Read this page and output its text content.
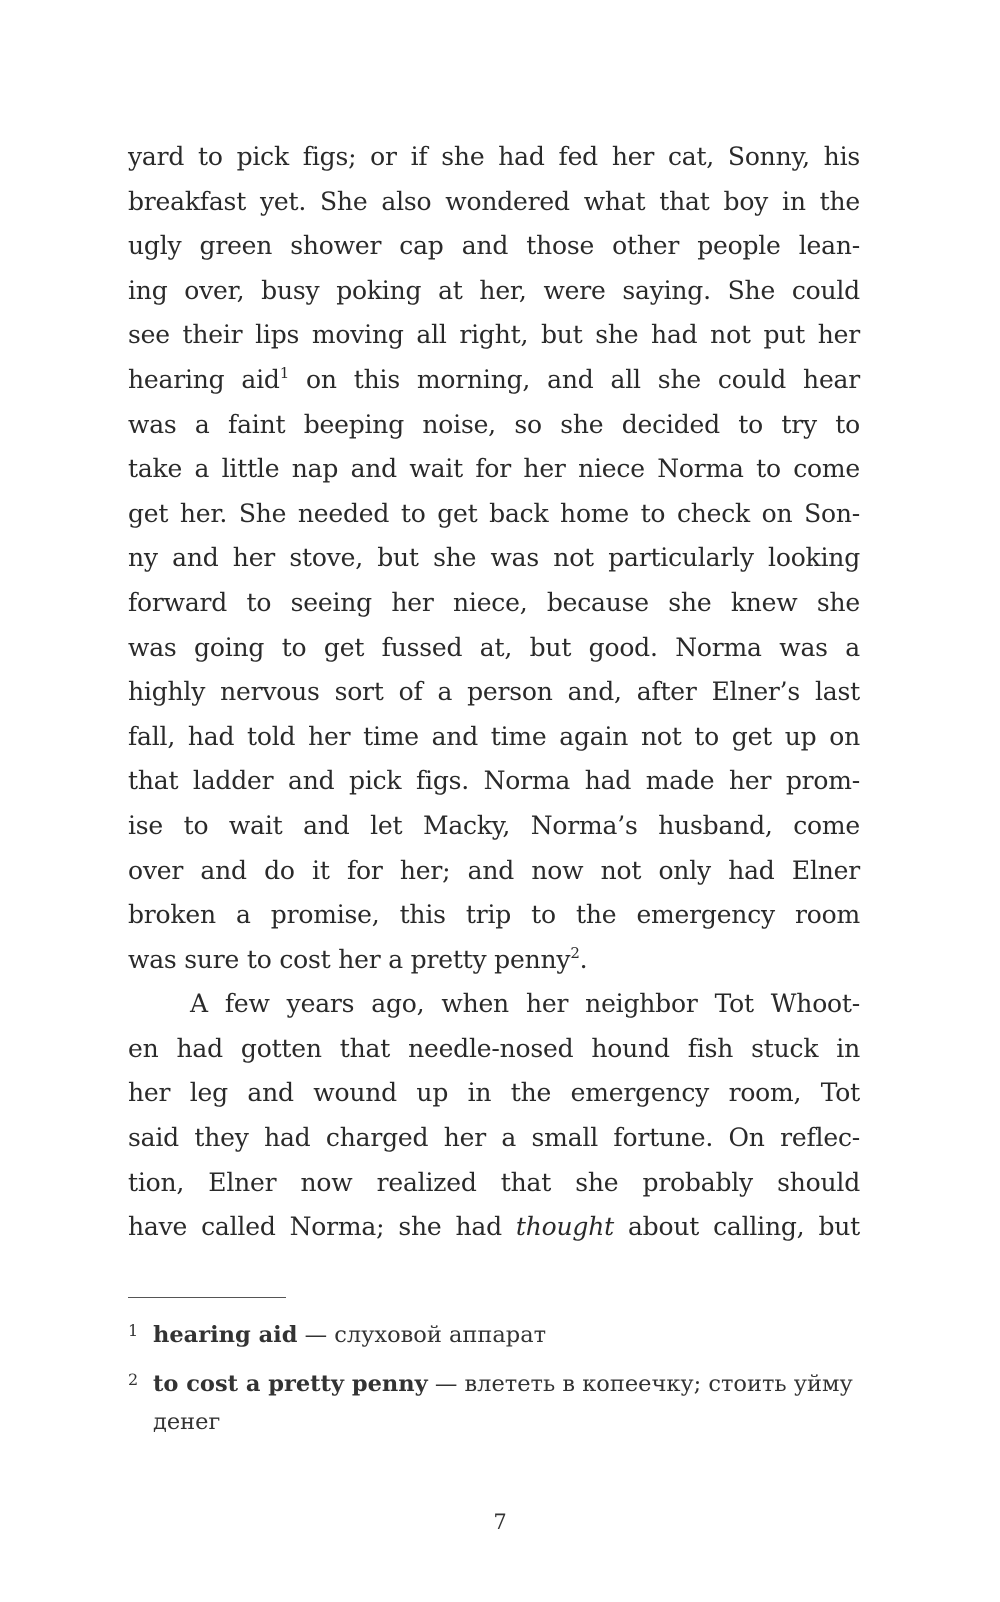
yard to pick figs; or if she had fed her cat, Sonny, his
breakfast yet. She also wondered what that boy in the
ugly green shower cap and those other people lean-
ing over, busy poking at her, were saying. She could
see their lips moving all right, but she had not put her
hearing aid$^1$ on this morning, and all she could hear
was a faint beeping noise, so she decided to try to
take a little nap and wait for her niece Norma to come
get her. She needed to get back home to check on Son-
ny and her stove, but she was not particularly looking
forward to seeing her niece, because she knew she
was going to get fussed at, but good. Norma was a
highly nervous sort of a person and, after Elner’s last
fall, had told her time and time again not to get up on
that ladder and pick figs. Norma had made her prom-
ise to wait and let Macky, Norma’s husband, come
over and do it for her; and now not only had Elner
broken a promise, this trip to the emergency room
was sure to cost her a pretty penny$^2$.
A few years ago, when her neighbor Tot Whoot-
en had gotten that needle-nosed hound fish stuck in
her leg and wound up in the emergency room, Tot
said they had charged her a small fortune. On reflec-
tion, Elner now realized that she probably should
have called Norma; she had thought about calling, but
1 hearing aid — слуховой аппарат
2 to cost a pretty penny — влететь в копеечку; стоить уйму денег
7
